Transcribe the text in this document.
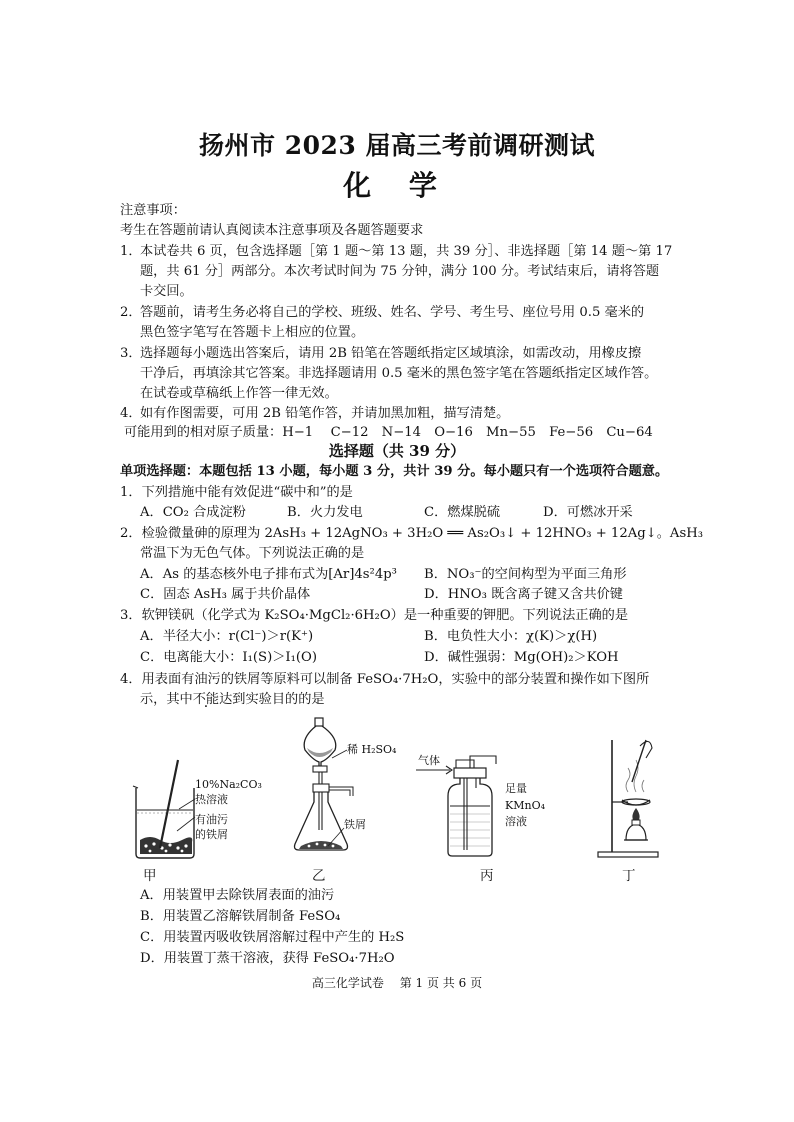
扬州市 2023 届高三考前调研测试
化 学
注意事项：
考生在答题前请认真阅读本注意事项及各题答题要求
1．
本试卷共 6 页，包含选择题［第 1 题～第 13 题，共 39 分］、非选择题［第 14 题～第 17
题，共 61 分］两部分。本次考试时间为 75 分钟，满分 100 分。考试结束后，请将答题
卡交回。
2．
答题前，请考生务必将自己的学校、班级、姓名、学号、考生号、座位号用 0.5 毫米的
黑色签字笔写在答题卡上相应的位置。
3．
选择题每小题选出答案后，请用 2B 铅笔在答题纸指定区域填涂，如需改动，用橡皮擦
干净后，再填涂其它答案。非选择题请用 0.5 毫米的黑色签字笔在答题纸指定区域作答。
在试卷或草稿纸上作答一律无效。
4．
如有作图需要，可用 2B 铅笔作答，并请加黑加粗，描写清楚。
可能用到的相对原子质量：H−1　 C−12　N−14　O−16　Mn−55　Fe−56　Cu−64
选择题（共 39 分）
单项选择题：本题包括 13 小题，每小题 3 分，共计 39 分。每小题只有一个选项符合题意。
1．下列措施中能有效促进“碳中和”的是
A．CO₂ 合成淀粉	B．火力发电	C．燃煤脱硫	D．可燃冰开采
2．检验微量砷的原理为 2AsH₃ + 12AgNO₃ + 3H₂O ══ As₂O₃↓ + 12HNO₃ + 12Ag↓。AsH₃
常温下为无色气体。下列说法正确的是
A．As 的基态核外电子排布式为[Ar]4s²4p³ B．NO₃⁻的空间构型为平面三角形
C．固态 AsH₃ 属于共价晶体	D．HNO₃ 既含离子键又含共价键
3．软钾镁矾（化学式为 K₂SO₄·MgCl₂·6H₂O）是一种重要的钾肥。下列说法正确的是
A．半径大小：r(Cl⁻)＞r(K⁺)	B．电负性大小：χ(K)＞χ(H)
C．电离能大小：I₁(S)＞I₁(O)	D．碱性强弱：Mg(OH)₂＞KOH
4．用表面有油污的铁屑等原料可以制备 FeSO₄·7H₂O，实验中的部分装置和操作如下图所
示，其中不能达到实验目的的是
10%Na₂CO₃
热溶液
有油污
的铁屑
稀 H₂SO₄
铁屑
气体
足量
KMnO₄
溶液
甲	乙	丙	丁
A．用装置甲去除铁屑表面的油污
B．用装置乙溶解铁屑制备 FeSO₄
C．用装置丙吸收铁屑溶解过程中产生的 H₂S
D．用装置丁蒸干溶液，获得 FeSO₄·7H₂O
高三化学试卷　 第 1 页 共 6 页
